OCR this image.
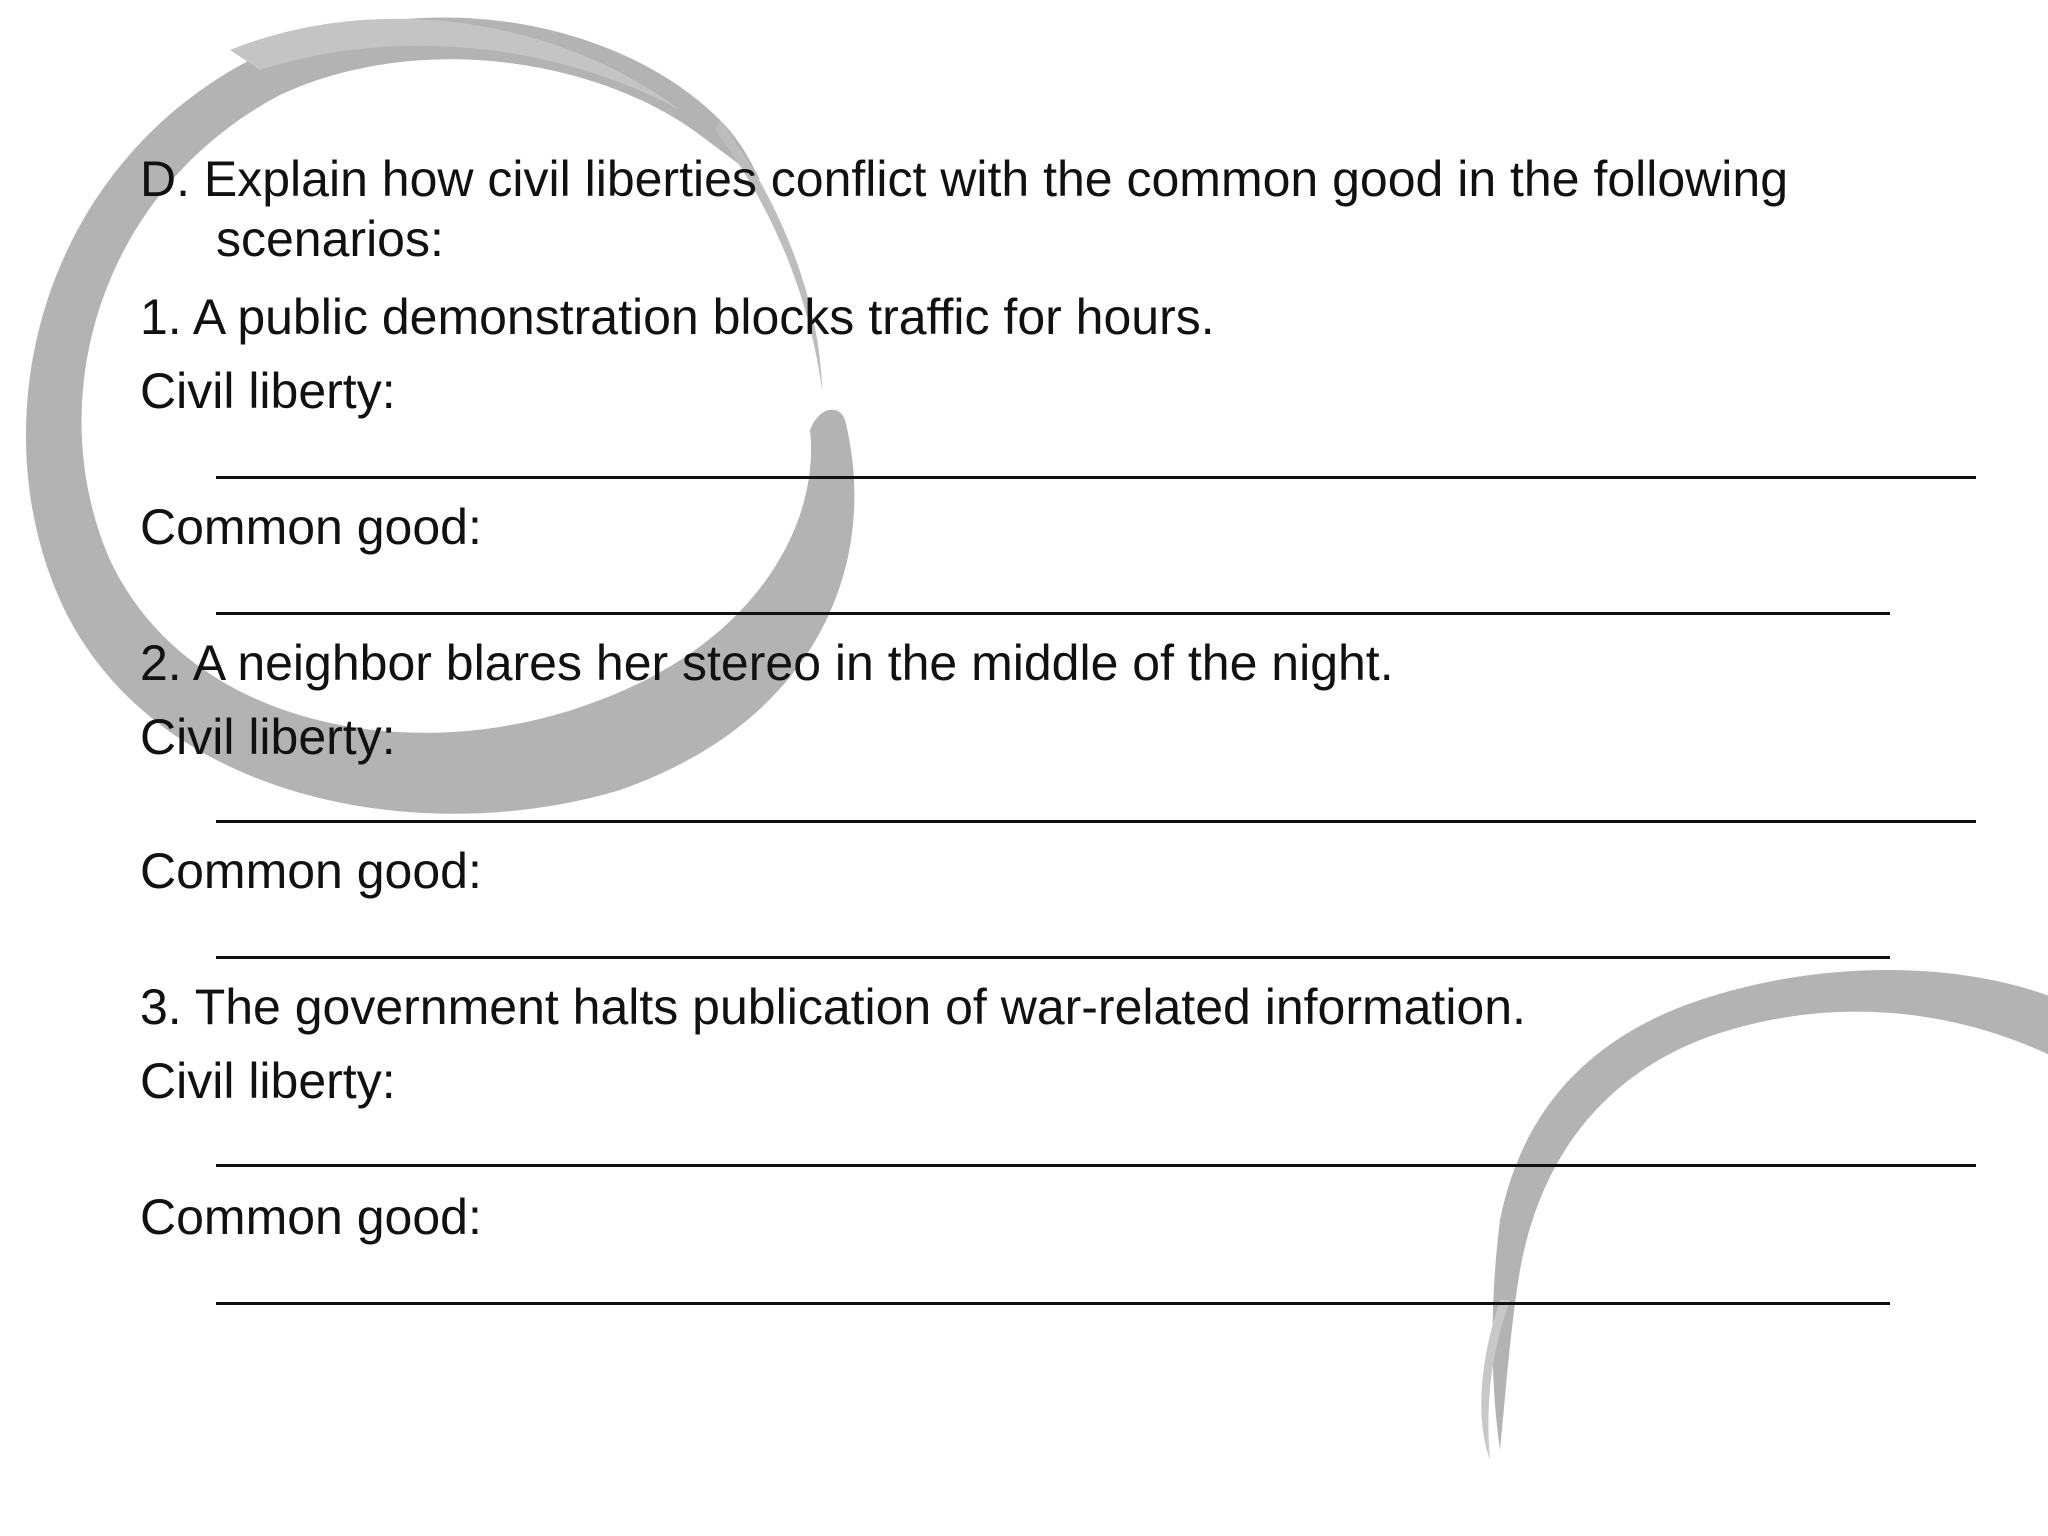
D. Explain how civil liberties conflict with the common good in the following
scenarios:
1. A public demonstration blocks traffic for hours.
Civil liberty:
Common good:
2. A neighbor blares her stereo in the middle of the night.
Civil liberty:
Common good:
3. The government halts publication of war-related information.
Civil liberty:
Common good:
